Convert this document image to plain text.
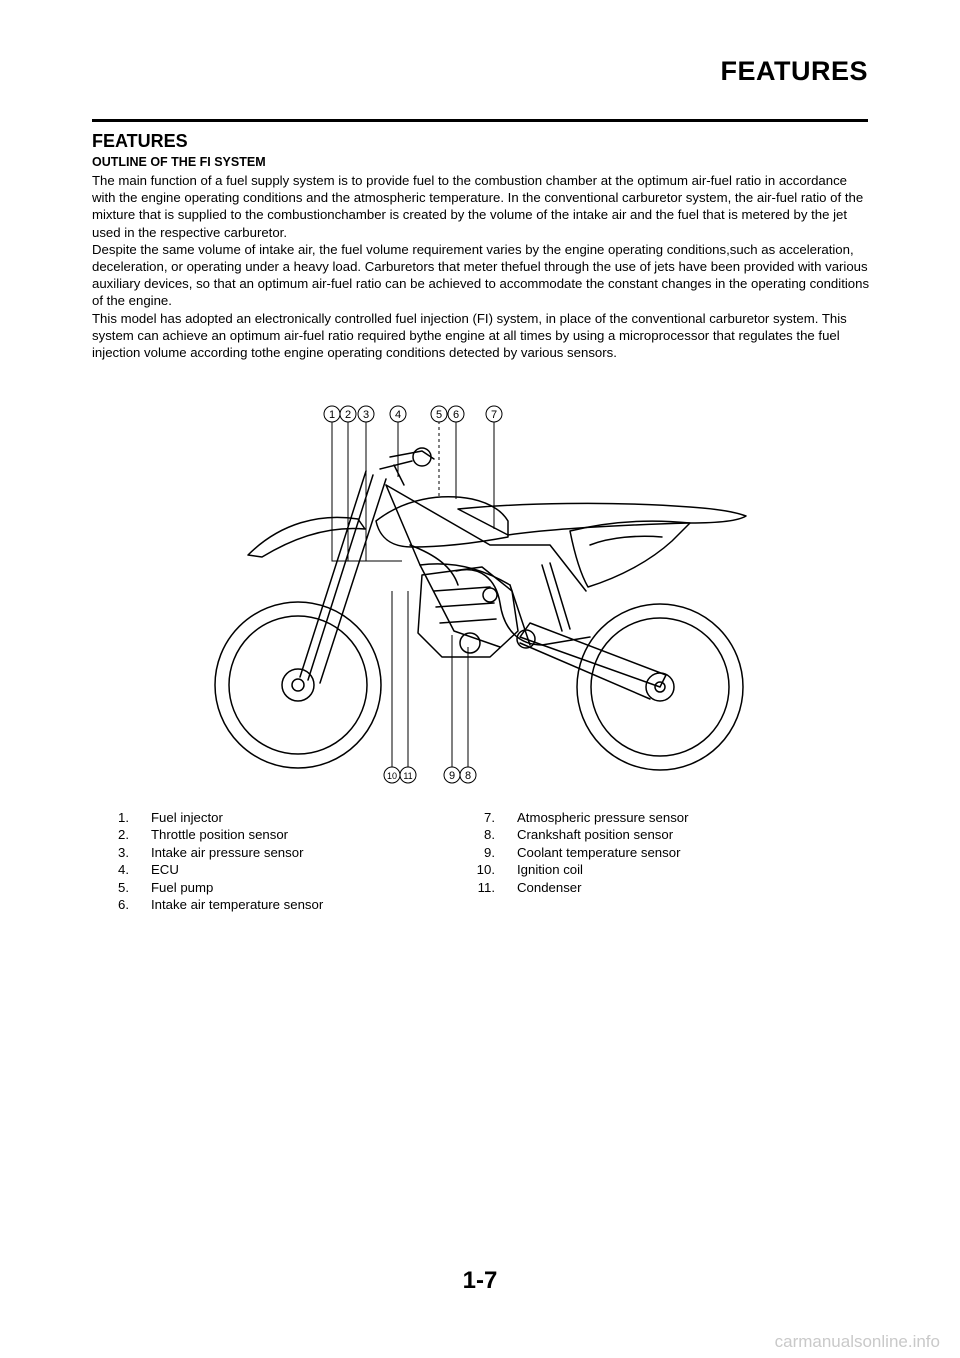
FEATURES
FEATURES
OUTLINE OF THE FI SYSTEM

The main function of a fuel supply system is to provide fuel to the combustion chamber at the optimum air-fuel ratio in accordance with the engine operating conditions and the atmospheric temperature. In the conventional carburetor system, the air-fuel ratio of the mixture that is supplied to the combustionchamber is created by the volume of the intake air and the fuel that is metered by the jet used in the respective carburetor.

Despite the same volume of intake air, the fuel volume requirement varies by the engine operating conditions,such as acceleration, deceleration, or operating under a heavy load. Carburetors that meter thefuel through the use of jets have been provided with various auxiliary devices, so that an optimum air-fuel ratio can be achieved to accommodate the constant changes in the operating conditions of the engine.

This model has adopted an electronically controlled fuel injection (FI) system, in place of the conventional carburetor system. This system can achieve an optimum air-fuel ratio required bythe engine at all times by using a microprocessor that regulates the fuel injection volume according tothe engine operating conditions detected by various sensors.

1 2 3 4	5 6	7
10 11	9 8
1. Fuel injector
2. Throttle position sensor
3. Intake air pressure sensor
4. ECU
5. Fuel pump
6. Intake air temperature sensor
7. Atmospheric pressure sensor
8. Crankshaft position sensor
9. Coolant temperature sensor
10. Ignition coil
11. Condenser
1-7
carmanualsonline.info
